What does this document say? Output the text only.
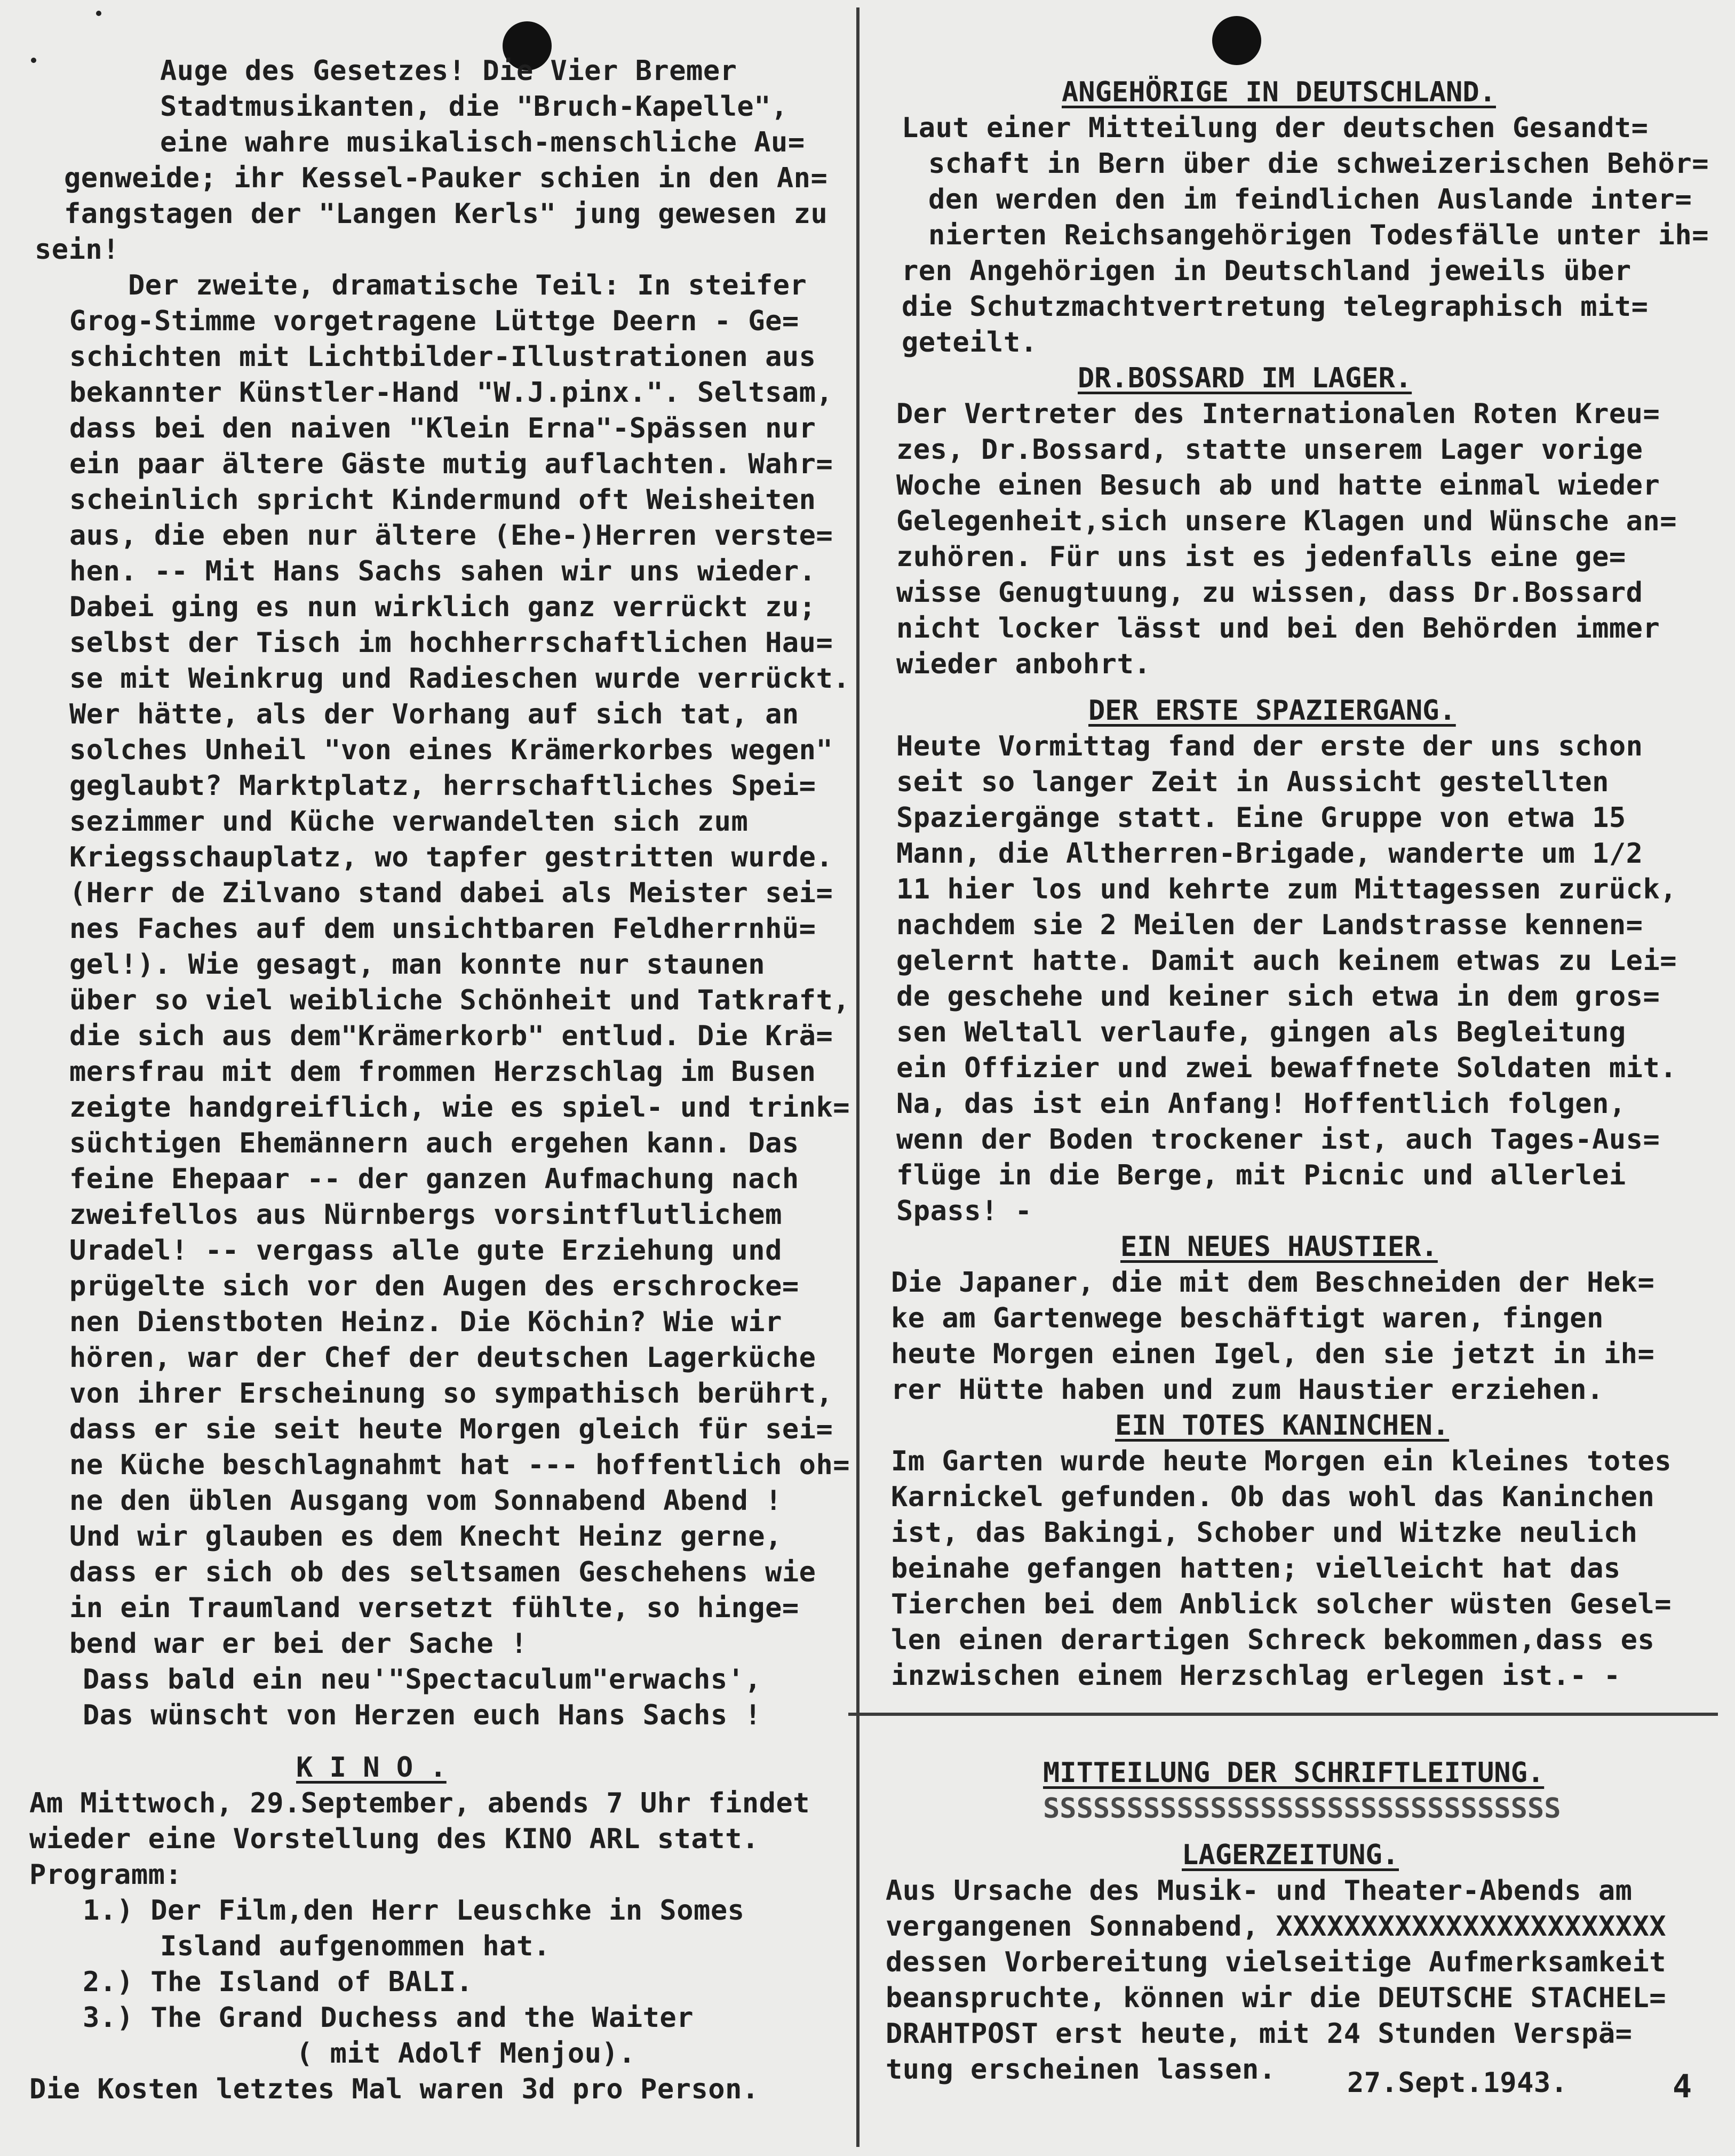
Auge des Gesetzes! Die Vier Bremer
Stadtmusikanten, die "Bruch-Kapelle",
eine wahre musikalisch-menschliche Au=
genweide; ihr Kessel-Pauker schien in den An=
fangstagen der "Langen Kerls" jung gewesen zu
sein!
Der zweite, dramatische Teil: In steifer
Grog-Stimme vorgetragene Lüttge Deern - Ge=
schichten mit Lichtbilder-Illustrationen aus
bekannter Künstler-Hand "W.J.pinx.". Seltsam,
dass bei den naiven "Klein Erna"-Spässen nur
ein paar ältere Gäste mutig auflachten. Wahr=
scheinlich spricht Kindermund oft Weisheiten
aus, die eben nur ältere (Ehe-)Herren verste=
hen. -- Mit Hans Sachs sahen wir uns wieder.
Dabei ging es nun wirklich ganz verrückt zu;
selbst der Tisch im hochherrschaftlichen Hau=
se mit Weinkrug und Radieschen wurde verrückt.
Wer hätte, als der Vorhang auf sich tat, an
solches Unheil "von eines Krämerkorbes wegen"
geglaubt? Marktplatz, herrschaftliches Spei=
sezimmer und Küche verwandelten sich zum
Kriegsschauplatz, wo tapfer gestritten wurde.
(Herr de Zilvano stand dabei als Meister sei=
nes Faches auf dem unsichtbaren Feldherrnhü=
gel!). Wie gesagt, man konnte nur staunen
über so viel weibliche Schönheit und Tatkraft,
die sich aus dem"Krämerkorb" entlud. Die Krä=
mersfrau mit dem frommen Herzschlag im Busen
zeigte handgreiflich, wie es spiel- und trink=
süchtigen Ehemännern auch ergehen kann. Das
feine Ehepaar -- der ganzen Aufmachung nach
zweifellos aus Nürnbergs vorsintflutlichem
Uradel! -- vergass alle gute Erziehung und
prügelte sich vor den Augen des erschrocke=
nen Dienstboten Heinz. Die Köchin? Wie wir
hören, war der Chef der deutschen Lagerküche
von ihrer Erscheinung so sympathisch berührt,
dass er sie seit heute Morgen gleich für sei=
ne Küche beschlagnahmt hat --- hoffentlich oh=
ne den üblen Ausgang vom Sonnabend Abend !
Und wir glauben es dem Knecht Heinz gerne,
dass er sich ob des seltsamen Geschehens wie
in ein Traumland versetzt fühlte, so hinge=
bend war er bei der Sache !
Dass bald ein neu'"Spectaculum"erwachs',
Das wünscht von Herzen euch Hans Sachs !
K I N O .
Am Mittwoch, 29.September, abends 7 Uhr findet
wieder eine Vorstellung des KINO ARL statt.
Programm:
1.) Der Film,den Herr Leuschke in Somes
Island aufgenommen hat.
2.) The Island of BALI.
3.) The Grand Duchess and the Waiter
( mit Adolf Menjou).
Die Kosten letztes Mal waren 3d pro Person.
ANGEHÖRIGE IN DEUTSCHLAND.
Laut einer Mitteilung der deutschen Gesandt=
schaft in Bern über die schweizerischen Behör=
den werden den im feindlichen Auslande inter=
nierten Reichsangehörigen Todesfälle unter ih=
ren Angehörigen in Deutschland jeweils über
die Schutzmachtvertretung telegraphisch mit=
geteilt.
DR.BOSSARD IM LAGER.
Der Vertreter des Internationalen Roten Kreu=
zes, Dr.Bossard, statte unserem Lager vorige
Woche einen Besuch ab und hatte einmal wieder
Gelegenheit,sich unsere Klagen und Wünsche an=
zuhören. Für uns ist es jedenfalls eine ge=
wisse Genugtuung, zu wissen, dass Dr.Bossard
nicht locker lässt und bei den Behörden immer
wieder anbohrt.
DER ERSTE SPAZIERGANG.
Heute Vormittag fand der erste der uns schon
seit so langer Zeit in Aussicht gestellten
Spaziergänge statt. Eine Gruppe von etwa 15
Mann, die Altherren-Brigade, wanderte um 1/2
11 hier los und kehrte zum Mittagessen zurück,
nachdem sie 2 Meilen der Landstrasse kennen=
gelernt hatte. Damit auch keinem etwas zu Lei=
de geschehe und keiner sich etwa in dem gros=
sen Weltall verlaufe, gingen als Begleitung
ein Offizier und zwei bewaffnete Soldaten mit.
Na, das ist ein Anfang! Hoffentlich folgen,
wenn der Boden trockener ist, auch Tages-Aus=
flüge in die Berge, mit Picnic und allerlei
Spass! -
EIN NEUES HAUSTIER.
Die Japaner, die mit dem Beschneiden der Hek=
ke am Gartenwege beschäftigt waren, fingen
heute Morgen einen Igel, den sie jetzt in ih=
rer Hütte haben und zum Haustier erziehen.
EIN TOTES KANINCHEN.
Im Garten wurde heute Morgen ein kleines totes
Karnickel gefunden. Ob das wohl das Kaninchen
ist, das Bakingi, Schober und Witzke neulich
beinahe gefangen hatten; vielleicht hat das
Tierchen bei dem Anblick solcher wüsten Gesel=
len einen derartigen Schreck bekommen,dass es
inzwischen einem Herzschlag erlegen ist.- -
MITTEILUNG DER SCHRIFTLEITUNG.
SSSSSSSSSSSSSSSSSSSSSSSSSSSSSSS
LAGERZEITUNG.
Aus Ursache des Musik- und Theater-Abends am
vergangenen Sonnabend, XXXXXXXXXXXXXXXXXXXXXXX
dessen Vorbereitung vielseitige Aufmerksamkeit
beanspruchte, können wir die DEUTSCHE STACHEL=
DRAHTPOST erst heute, mit 24 Stunden Verspä=
tung erscheinen lassen.	27.Sept.1943.	4
